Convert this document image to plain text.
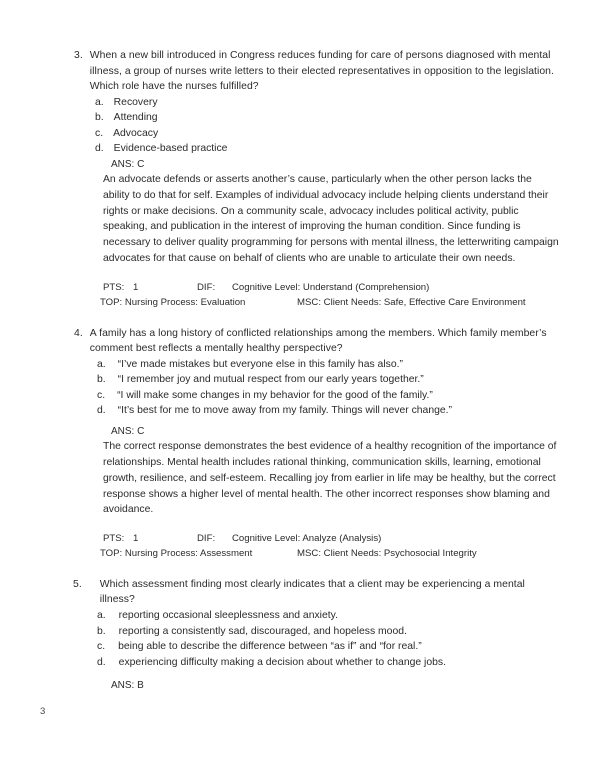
3. When a new bill introduced in Congress reduces funding for care of persons diagnosed with mental illness, a group of nurses write letters to their elected representatives in opposition to the legislation. Which role have the nurses fulfilled?
a. Recovery
b. Attending
c. Advocacy
d. Evidence-based practice
ANS: C
An advocate defends or asserts another’s cause, particularly when the other person lacks the ability to do that for self. Examples of individual advocacy include helping clients understand their rights or make decisions. On a community scale, advocacy includes political activity, public speaking, and publication in the interest of improving the human condition. Since funding is necessary to deliver quality programming for persons with mental illness, the letterwriting campaign advocates for that cause on behalf of clients who are unable to articulate their own needs.
PTS: 1	DIF: Cognitive Level: Understand (Comprehension)
TOP: Nursing Process: Evaluation	MSC: Client Needs: Safe, Effective Care Environment
4. A family has a long history of conflicted relationships among the members. Which family member’s comment best reflects a mentally healthy perspective?
a.	“I’ve made mistakes but everyone else in this family has also.”
b.	“I remember joy and mutual respect from our early years together.”
c.	“I will make some changes in my behavior for the good of the family.”
d.	“It’s best for me to move away from my family. Things will never change.”
ANS: C
The correct response demonstrates the best evidence of a healthy recognition of the importance of relationships. Mental health includes rational thinking, communication skills, learning, emotional growth, resilience, and self-esteem. Recalling joy from earlier in life may be healthy, but the correct response shows a higher level of mental health. The other incorrect responses show blaming and avoidance.
PTS: 1	DIF: Cognitive Level: Analyze (Analysis)
TOP: Nursing Process: Assessment	MSC: Client Needs: Psychosocial Integrity
5.	Which assessment finding most clearly indicates that a client may be experiencing a mental illness?
a.	reporting occasional sleeplessness and anxiety.
b.	reporting a consistently sad, discouraged, and hopeless mood.
c.	being able to describe the difference between “as if” and “for real.”
d.	experiencing difficulty making a decision about whether to change jobs.
ANS: B
3
